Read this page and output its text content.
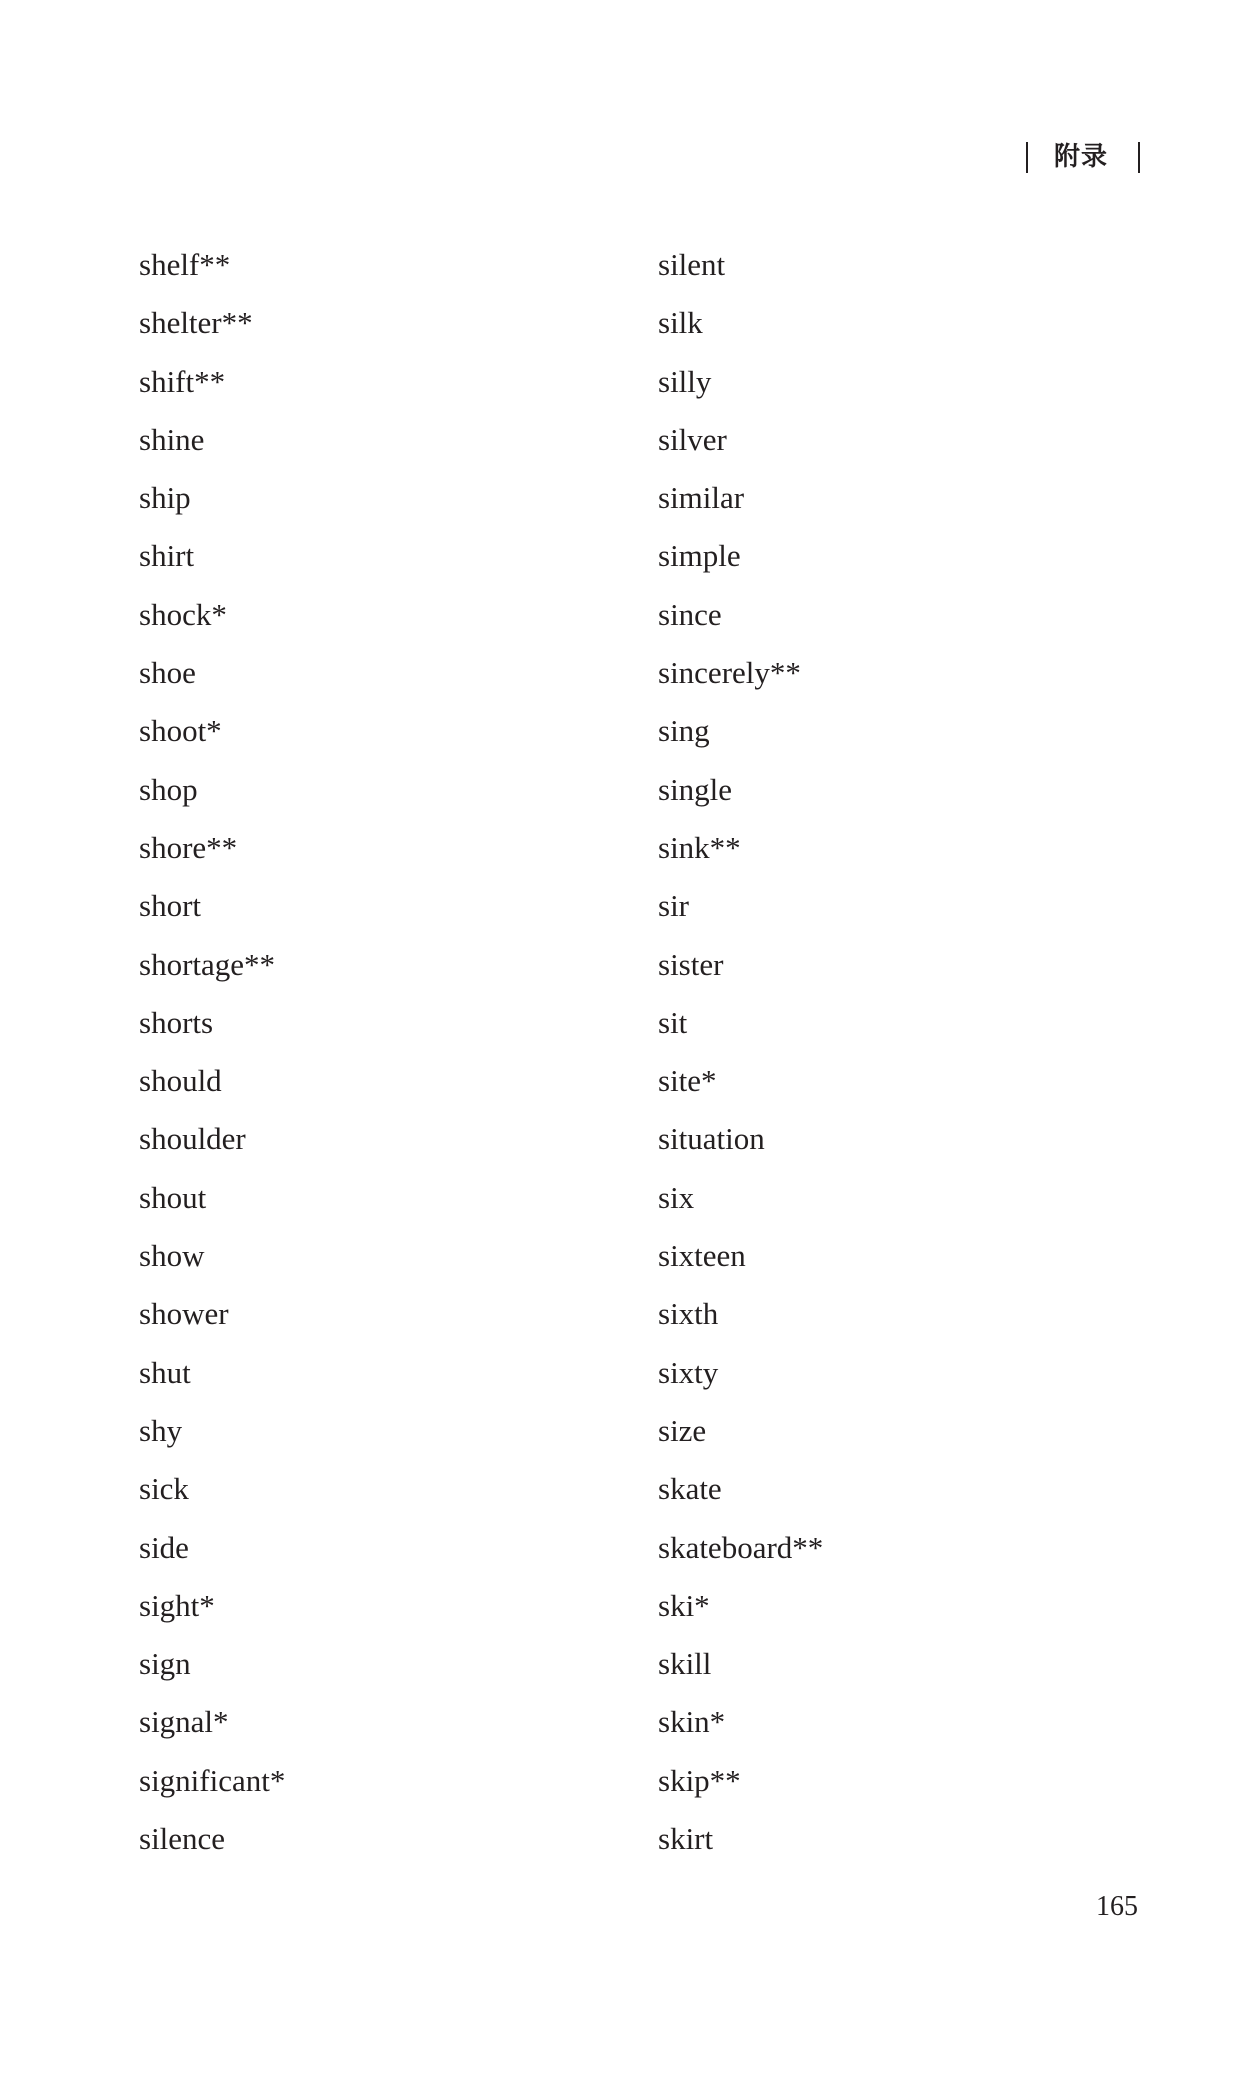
附录
shelf**
shelter**
shift**
shine
ship
shirt
shock*
shoe
shoot*
shop
shore**
short
shortage**
shorts
should
shoulder
shout
show
shower
shut
shy
sick
side
sight*
sign
signal*
significant*
silence
silent
silk
silly
silver
similar
simple
since
sincerely**
sing
single
sink**
sir
sister
sit
site*
situation
six
sixteen
sixth
sixty
size
skate
skateboard**
ski*
skill
skin*
skip**
skirt
165
